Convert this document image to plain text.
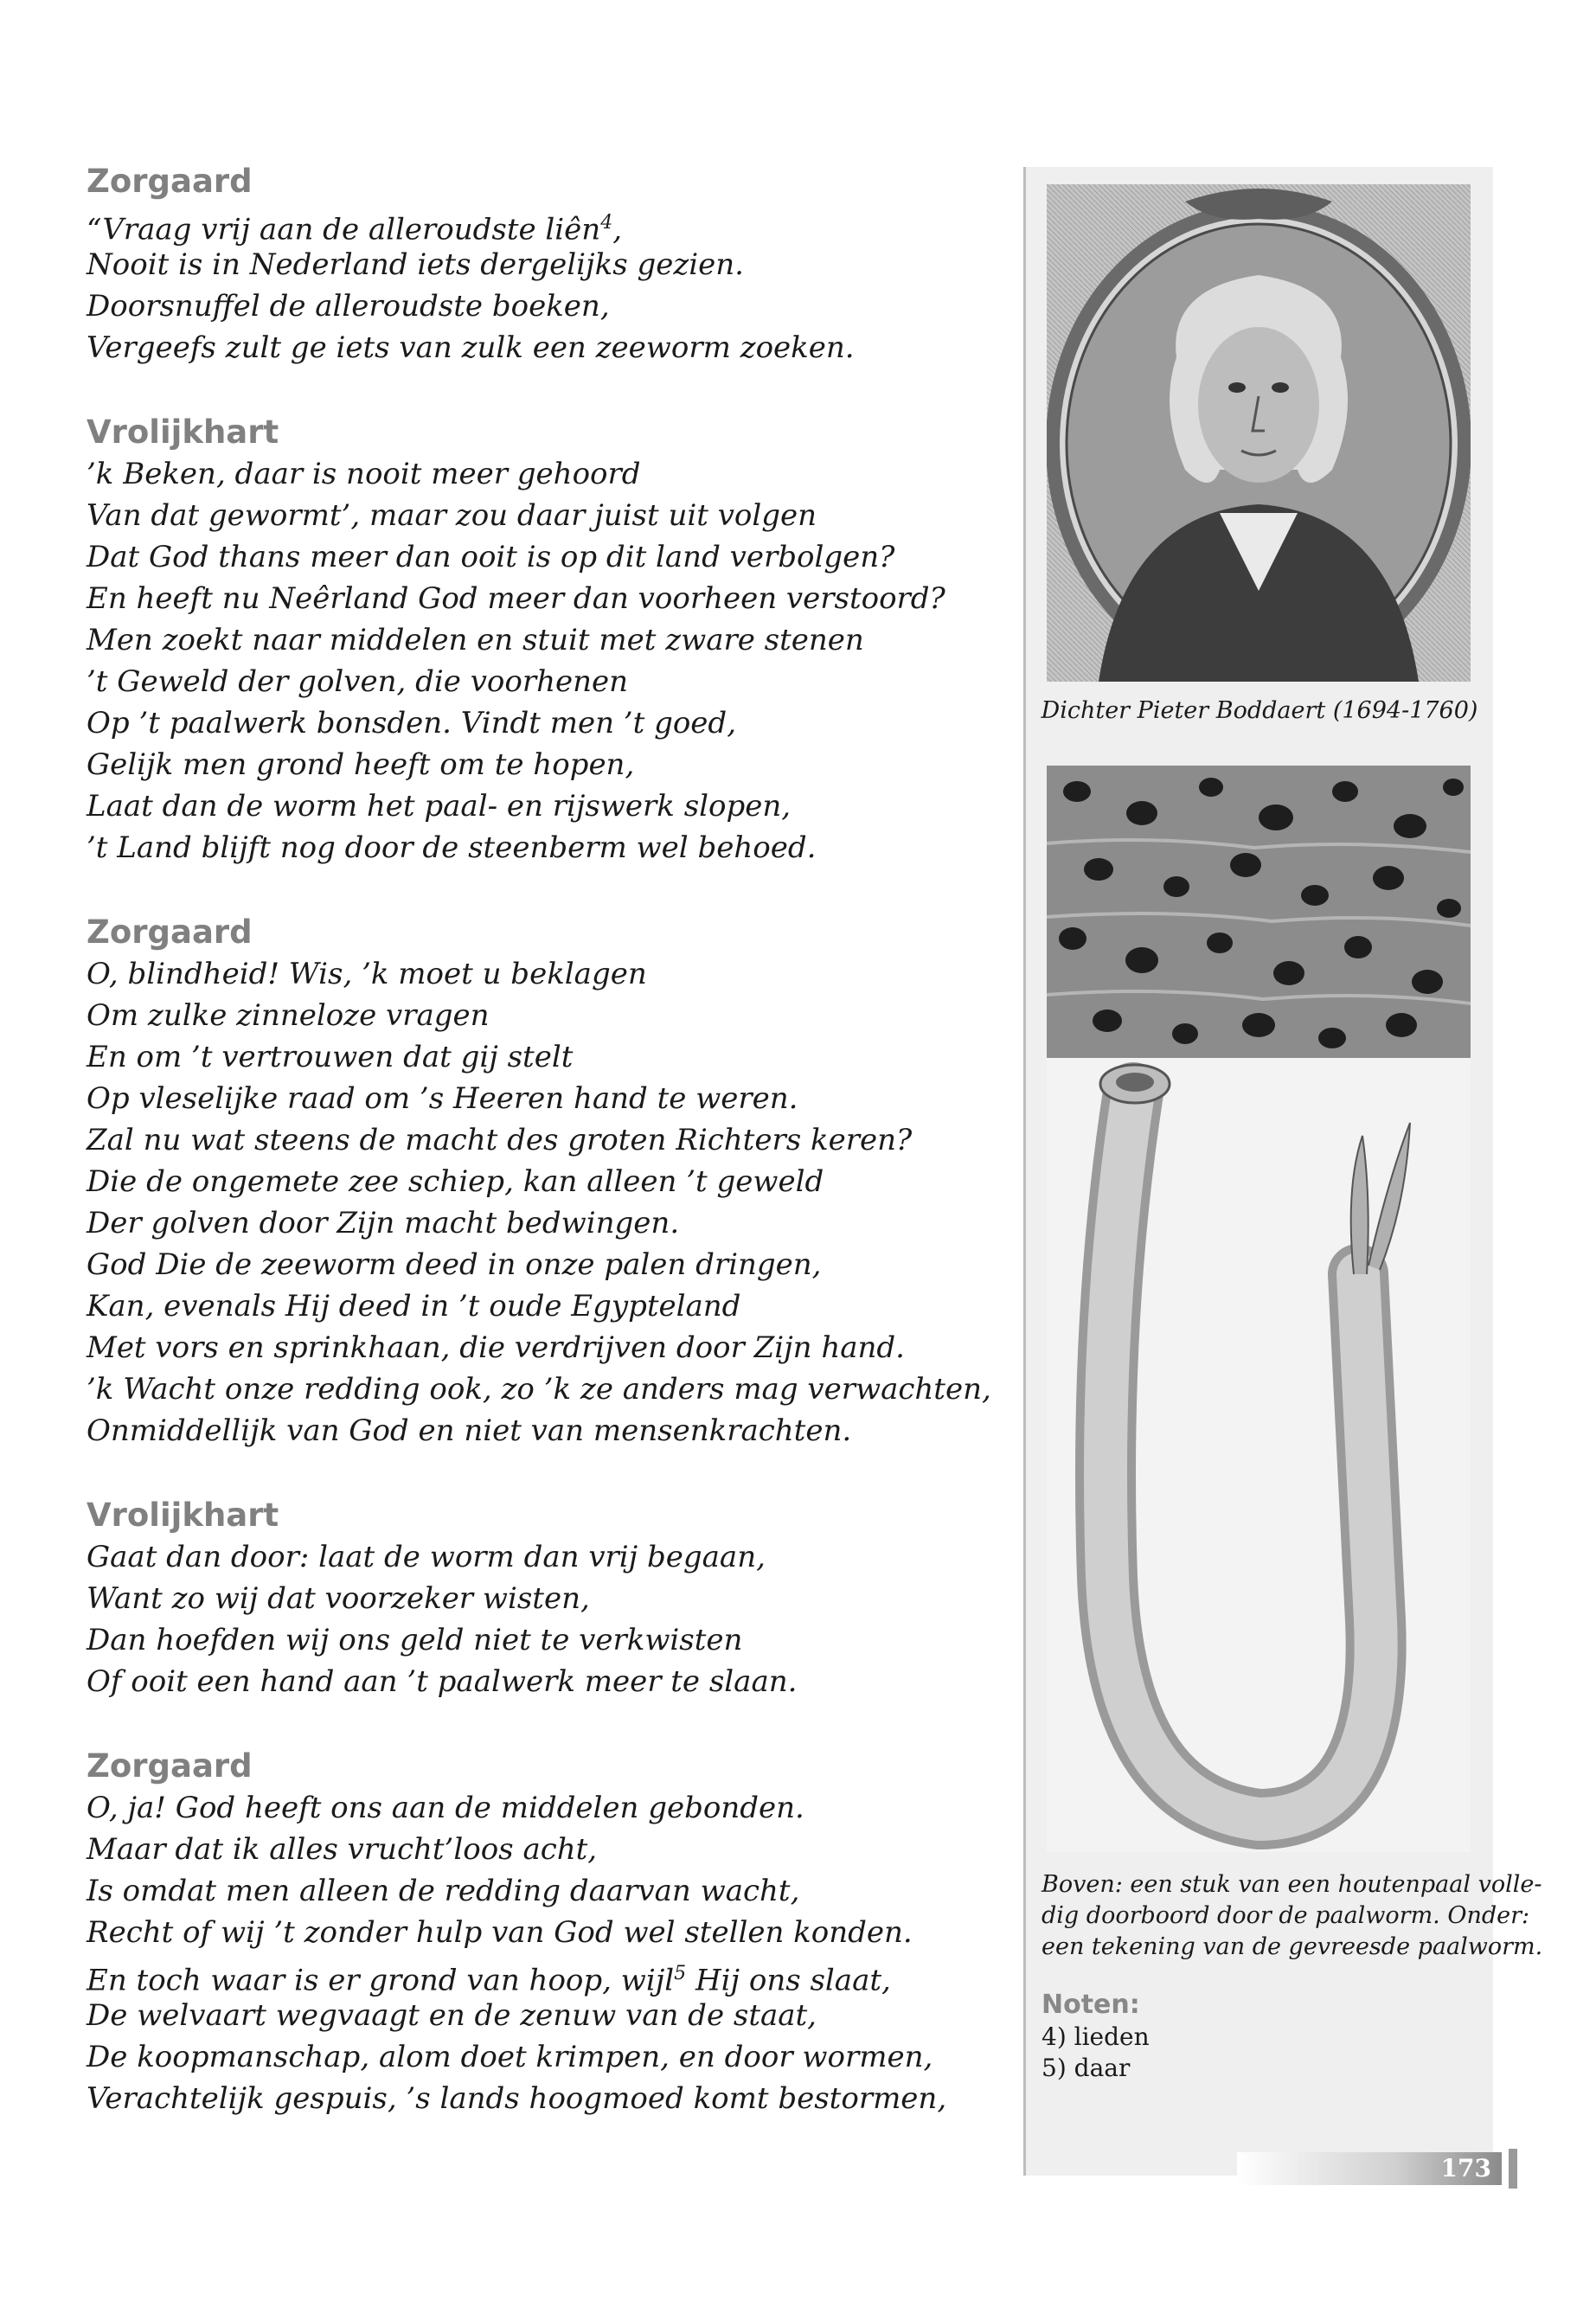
Zorgaard
“Vraag vrij aan de alleroudste liên$^4$,
Nooit is in Nederland iets dergelijks gezien.
Doorsnuffel de alleroudste boeken,
Vergeefs zult ge iets van zulk een zeeworm zoeken.
Vrolijkhart
’k Beken, daar is nooit meer gehoord
Van dat gewormt’, maar zou daar juist uit volgen
Dat God thans meer dan ooit is op dit land verbolgen?
En heeft nu Neêrland God meer dan voorheen verstoord?
Men zoekt naar middelen en stuit met zware stenen
’t Geweld der golven, die voorhenen
Op ’t paalwerk bonsden. Vindt men ’t goed,
Gelijk men grond heeft om te hopen,
Laat dan de worm het paal- en rijswerk slopen,
’t Land blijft nog door de steenberm wel behoed.
Zorgaard
O, blindheid! Wis, ’k moet u beklagen
Om zulke zinneloze vragen
En om ’t vertrouwen dat gij stelt
Op vleselijke raad om ’s Heeren hand te weren.
Zal nu wat steens de macht des groten Richters keren?
Die de ongemete zee schiep, kan alleen ’t geweld
Der golven door Zijn macht bedwingen.
God Die de zeeworm deed in onze palen dringen,
Kan, evenals Hij deed in ’t oude Egypteland
Met vors en sprinkhaan, die verdrijven door Zijn hand.
’k Wacht onze redding ook, zo ’k ze anders mag verwachten,
Onmiddellijk van God en niet van mensenkrachten.
Vrolijkhart
Gaat dan door: laat de worm dan vrij begaan,
Want zo wij dat voorzeker wisten,
Dan hoefden wij ons geld niet te verkwisten
Of ooit een hand aan ’t paalwerk meer te slaan.
Zorgaard
O, ja! God heeft ons aan de middelen gebonden.
Maar dat ik alles vrucht’loos acht,
Is omdat men alleen de redding daarvan wacht,
Recht of wij ’t zonder hulp van God wel stellen konden.
En toch waar is er grond van hoop, wijl$^5$ Hij ons slaat,
De welvaart wegvaagt en de zenuw van de staat,
De koopmanschap, alom doet krimpen, en door wormen,
Verachtelijk gespuis, ’s lands hoogmoed komt bestormen,
Dichter Pieter Boddaert (1694-1760)
Boven: een stuk van een houtenpaal volle-
dig doorboord door de paalworm. Onder:
een tekening van de gevreesde paalworm.
Noten:
4) lieden
5) daar
173
